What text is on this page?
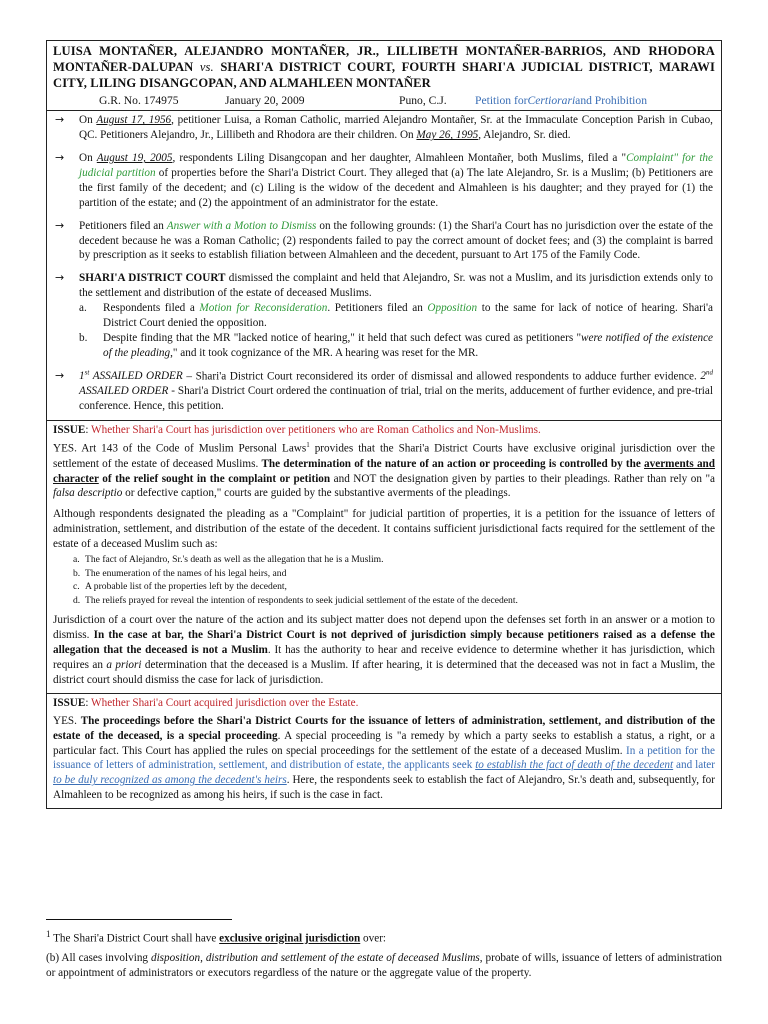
LUISA MONTAÑER, ALEJANDRO MONTAÑER, JR., LILLIBETH MONTAÑER-BARRIOS, AND RHODORA MONTAÑER-DALUPAN vs. SHARI'A DISTRICT COURT, FOURTH SHARI'A JUDICIAL DISTRICT, MARAWI CITY, LILING DISANGCOPAN, AND ALMAHLEEN MONTAÑER
G.R. No. 174975	January 20, 2009	Puno, C.J.	Petition forCertiorariand Prohibition
→	On August 17, 1956, petitioner Luisa, a Roman Catholic, married Alejandro Montañer, Sr. at the Immaculate Conception Parish in Cubao, QC. Petitioners Alejandro, Jr., Lillibeth and Rhodora are their children. On May 26, 1995, Alejandro, Sr. died.
→	On August 19, 2005, respondents Liling Disangcopan and her daughter, Almahleen Montañer, both Muslims, filed a "Complaint" for the judicial partition of properties before the Shari'a District Court. They alleged that (a) The late Alejandro, Sr. is a Muslim; (b) Petitioners are the first family of the decedent; and (c) Liling is the widow of the decedent and Almahleen is his daughter; and they prayed for (1) the partition of the estate; and (2) the appointment of an administrator for the estate.
→	Petitioners filed an Answer with a Motion to Dismiss on the following grounds: (1) the Shari'a Court has no jurisdiction over the estate of the decedent because he was a Roman Catholic; (2) respondents failed to pay the correct amount of docket fees; and (3) the complaint is barred by prescription as it seeks to establish filiation between Almahleen and the decedent, pursuant to Art 175 of the Family Code.
→	SHARI'A DISTRICT COURT dismissed the complaint and held that Alejandro, Sr. was not a Muslim, and its jurisdiction extends only to the settlement and distribution of the estate of deceased Muslims.
a.	Respondents filed a Motion for Reconsideration. Petitioners filed an Opposition to the same for lack of notice of hearing. Shari'a District Court denied the opposition.
b.	Despite finding that the MR "lacked notice of hearing," it held that such defect was cured as petitioners "were notified of the existence of the pleading," and it took cognizance of the MR. A hearing was reset for the MR.
→	1st ASSAILED ORDER – Shari'a District Court reconsidered its order of dismissal and allowed respondents to adduce further evidence. 2nd ASSAILED ORDER - Shari'a District Court ordered the continuation of trial, trial on the merits, adducement of further evidence, and pre-trial conference. Hence, this petition.

ISSUE: Whether Shari'a Court has jurisdiction over petitioners who are Roman Catholics and Non-Muslims.

YES. Art 143 of the Code of Muslim Personal Laws$^1$ provides that the Shari'a District Courts have exclusive original jurisdiction over the settlement of the estate of deceased Muslims. The determination of the nature of an action or proceeding is controlled by the averments and character of the relief sought in the complaint or petition and NOT the designation given by parties to their pleadings. Rather than rely on "a falsa descriptio or defective caption," courts are guided by the substantive averments of the pleadings.

Although respondents designated the pleading as a "Complaint" for judicial partition of properties, it is a petition for the issuance of letters of administration, settlement, and distribution of the estate of the decedent. It contains sufficient jurisdictional facts required for the settlement of the estate of a deceased Muslim such as:

a. The fact of Alejandro, Sr.'s death as well as the allegation that he is a Muslim.
b. The enumeration of the names of his legal heirs, and
c. A probable list of the properties left by the decedent,
d. The reliefs prayed for reveal the intention of respondents to seek judicial settlement of the estate of the decedent.

Jurisdiction of a court over the nature of the action and its subject matter does not depend upon the defenses set forth in an answer or a motion to dismiss. In the case at bar, the Shari'a District Court is not deprived of jurisdiction simply because petitioners raised as a defense the allegation that the deceased is not a Muslim. It has the authority to hear and receive evidence to determine whether it has jurisdiction, which requires an a priori determination that the deceased is a Muslim. If after hearing, it is determined that the deceased was not in fact a Muslim, the district court should dismiss the case for lack of jurisdiction.

ISSUE: Whether Shari'a Court acquired jurisdiction over the Estate.

YES. The proceedings before the Shari'a District Courts for the issuance of letters of administration, settlement, and distribution of the estate of the deceased, is a special proceeding. A special proceeding is "a remedy by which a party seeks to establish a status, a right, or a particular fact. This Court has applied the rules on special proceedings for the settlement of the estate of a deceased Muslim. In a petition for the issuance of letters of administration, settlement, and distribution of estate, the applicants seek to establish the fact of death of the decedent and later to be duly recognized as among the decedent's heirs. Here, the respondents seek to establish the fact of Alejandro, Sr.'s death and, subsequently, for Almahleen to be recognized as among his heirs, if such is the case in fact.

$^1$ The Shari'a District Court shall have exclusive original jurisdiction over:
(b) All cases involving disposition, distribution and settlement of the estate of deceased Muslims, probate of wills, issuance of letters of administration or appointment of administrators or executors regardless of the nature or the aggregate value of the property.
